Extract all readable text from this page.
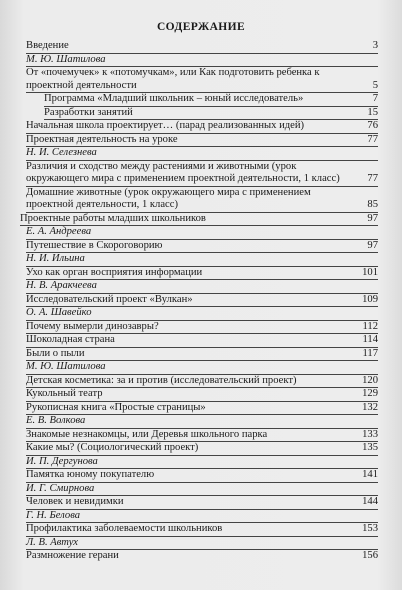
СОДЕРЖАНИЕ
Введение	3
М. Ю. Шатилова
От «почемучек» к «потомучкам», или Как подготовить ребенка к проектной деятельности	5
Программа «Младший школьник – юный исследователь»	7
Разработки занятий	15
Начальная школа проектирует… (парад реализованных идей)	76
Проектная деятельность на уроке	77
Н. И. Селезнева
Различия и сходство между растениями и животными (урок окружающего мира с применением проектной деятельности, 1 класс)	77
Домашние животные (урок окружающего мира с применением проектной деятельности, 1 класс)	85
Проектные работы младших школьников	97
Е. А. Андреева
Путешествие в Скороговорию	97
Н. И. Ильина
Ухо как орган восприятия информации	101
Н. В. Аракчеева
Исследовательский проект «Вулкан»	109
О. А. Шавейко
Почему вымерли динозавры?	112
Шоколадная страна	114
Были о пыли	117
М. Ю. Шатилова
Детская косметика: за и против (исследовательский проект)	120
Кукольный театр	129
Рукописная книга «Простые страницы»	132
Е. В. Волкова
Знакомые незнакомцы, или Деревья школьного парка	133
Какие мы? (Социологический проект)	135
И. П. Дергунова
Памятка юному покупателю	141
И. Г. Смирнова
Человек и невидимки	144
Г. Н. Белова
Профилактика заболеваемости школьников	153
Л. В. Автух
Размножение герани	156
